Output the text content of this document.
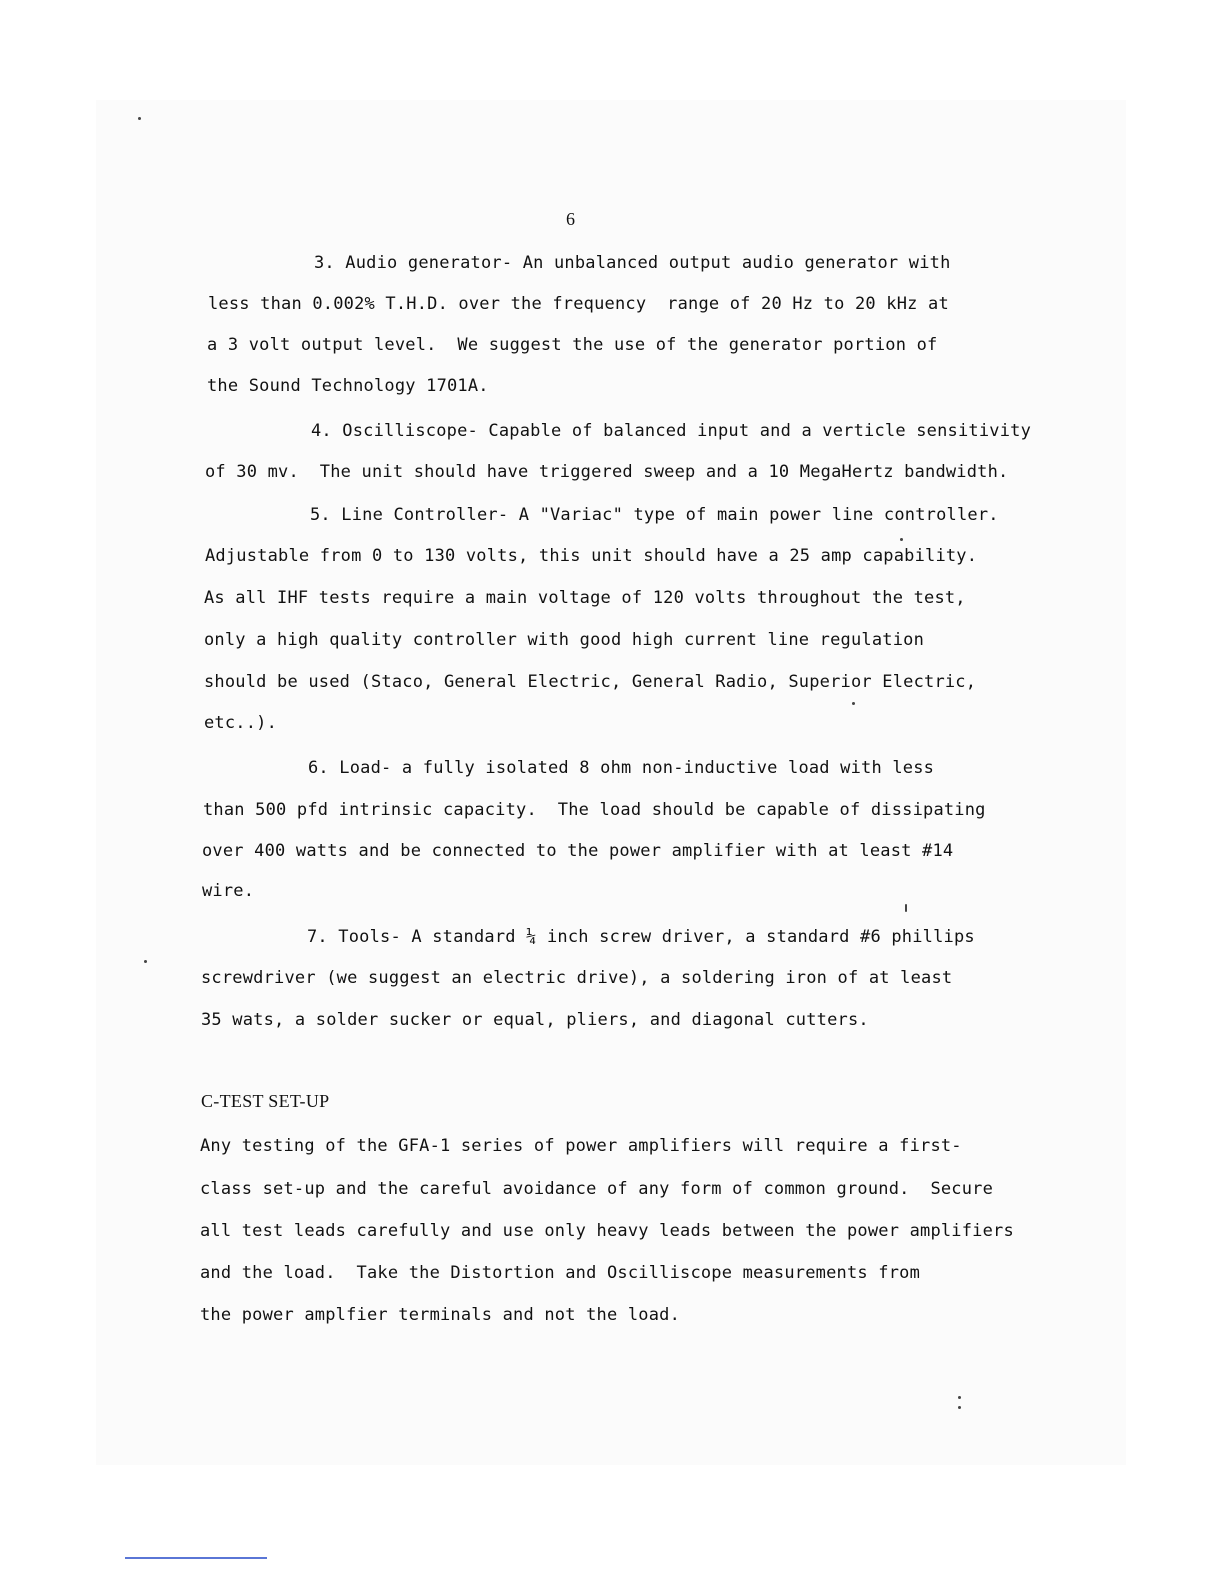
6
3. Audio generator- An unbalanced output audio generator with
less than 0.002% T.H.D. over the frequency  range of 20 Hz to 20 kHz at
a 3 volt output level.  We suggest the use of the generator portion of
the Sound Technology 1701A.
4. Oscilliscope- Capable of balanced input and a verticle sensitivity
of 30 mv.  The unit should have triggered sweep and a 10 MegaHertz bandwidth.
5. Line Controller- A "Variac" type of main power line controller.
Adjustable from 0 to 130 volts, this unit should have a 25 amp capability.
As all IHF tests require a main voltage of 120 volts throughout the test,
only a high quality controller with good high current line regulation
should be used (Staco, General Electric, General Radio, Superior Electric,
etc..).
6. Load- a fully isolated 8 ohm non-inductive load with less
than 500 pfd intrinsic capacity.  The load should be capable of dissipating
over 400 watts and be connected to the power amplifier with at least #14
wire.
7. Tools- A standard ¼ inch screw driver, a standard #6 phillips
screwdriver (we suggest an electric drive), a soldering iron of at least
35 wats, a solder sucker or equal, pliers, and diagonal cutters.
C-TEST SET-UP
Any testing of the GFA-1 series of power amplifiers will require a first-
class set-up and the careful avoidance of any form of common ground.  Secure
all test leads carefully and use only heavy leads between the power amplifiers
and the load.  Take the Distortion and Oscilliscope measurements from
the power amplfier terminals and not the load.
